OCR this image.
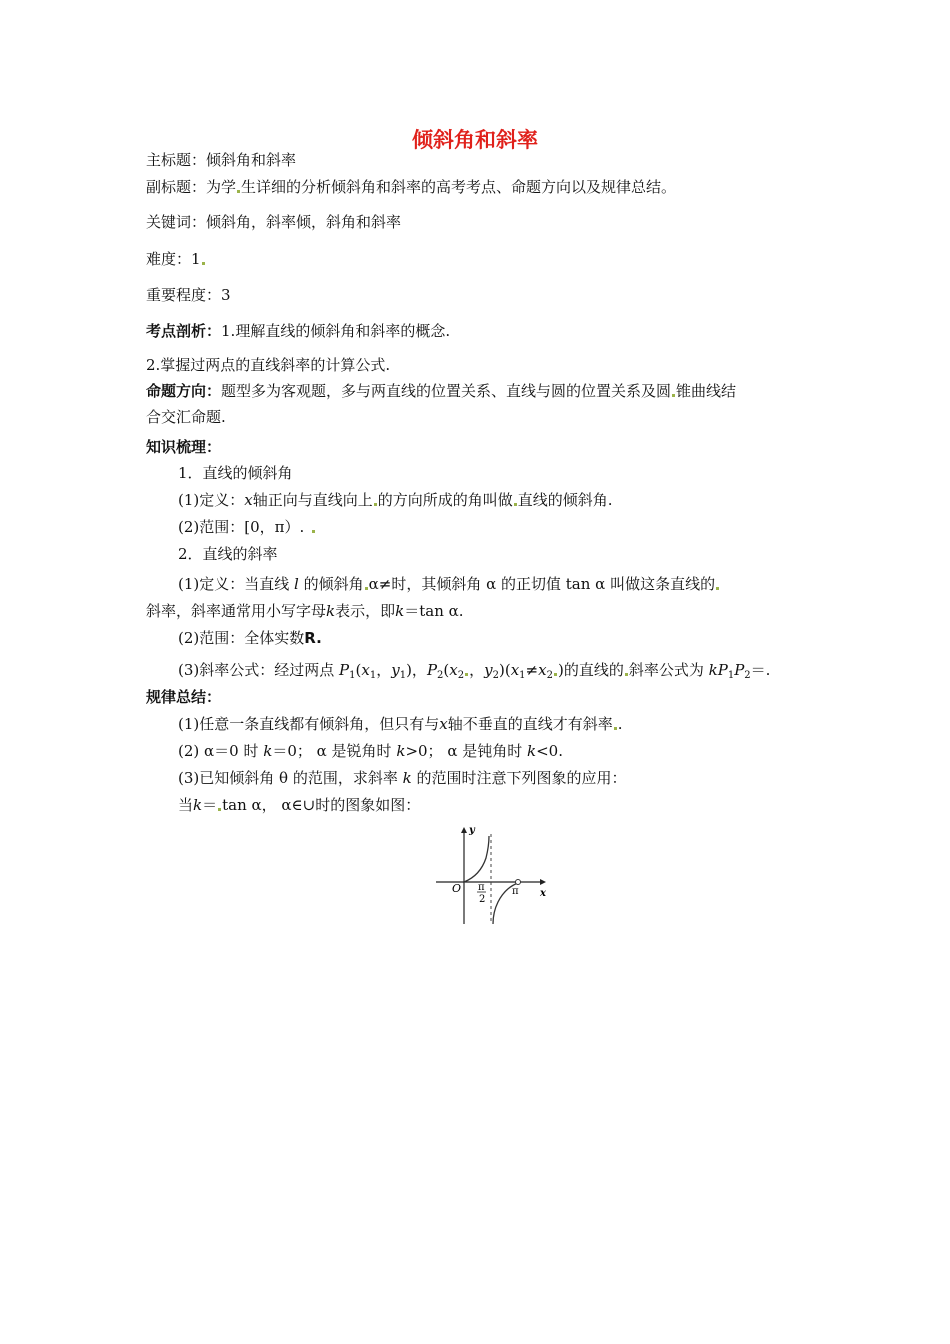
倾斜角和斜率
主标题：倾斜角和斜率
副标题：为学 生详细的分析倾斜角和斜率的高考考点、命题方向以及规律总结。
关键词：倾斜角，斜率倾，斜角和斜率
难度：1
重要程度：3
考点剖析：1.理解直线的倾斜角和斜率的概念.
2.掌握过两点的直线斜率的计算公式.
命题方向：题型多为客观题，多与两直线的位置关系、直线与圆的位置关系及圆 锥曲线结
合交汇命题.
知识梳理：
1．直线的倾斜角
(1)定义：x轴正向与直线向上 的方向所成的角叫做 直线的倾斜角.
(2)范围：[0，π）.
2．直线的斜率
(1)定义：当直线 l 的倾斜角 α≠时，其倾斜角 α 的正切值 tan α 叫做这条直线的
斜率，斜率通常用小写字母k表示，即k＝tan α.
(2)范围：全体实数R.
(3)斜率公式：经过两点 $P_1(x_1$，$y_1$)，$P_2(x_2$ ，$y_2)(x_1\ne x_2$ )的直线的 斜率公式为 $kP_1P_2=$.
规律总结：
(1)任意一条直线都有倾斜角，但只有与x轴不垂直的直线才有斜率 .
(2) α＝0 时 k＝0； α 是锐角时 k>0； α 是钝角时 k<0.
(3)已知倾斜角 θ 的范围，求斜率 k 的范围时注意下列图象的应用：
当k＝ tan α， α∈∪时的图象如图：
y
x
O π
2
π
